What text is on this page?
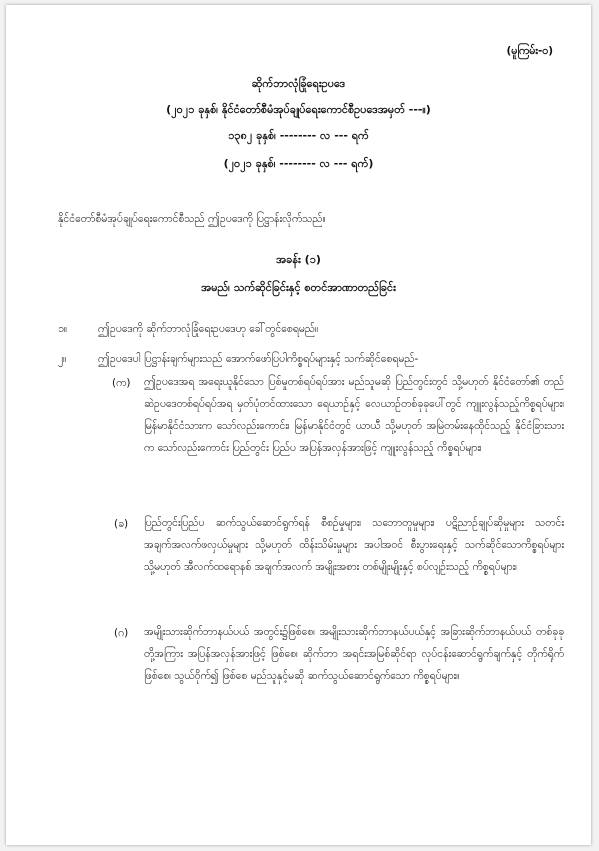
(မူကြမ်း-ဝ)
ဆိုက်ဘာလုံခြုံရေးဥပဒေ
(၂၀၂၁ ခုနှစ်၊ နိုင်ငံတော်စီမံအုပ်ချုပ်ရေးကောင်စီဥပဒေအမှတ် ---။)
၁၃၈၂ ခုနှစ်၊ -------- လ --- ရက်
(၂၀၂၁ ခုနှစ်၊ -------- လ --- ရက်)
နိုင်ငံတော်စီမံအုပ်ချုပ်ရေးကောင်စီသည် ဤဥပဒေကို ပြဋ္ဌာန်းလိုက်သည်။
အခန်း (၁)
အမည်၊ သက်ဆိုင်ခြင်းနှင့် စတင်အာဏာတည်ခြင်း
၁။	ဤဥပဒေကို ဆိုက်ဘာလုံခြုံရေးဥပဒေဟု ခေါ်တွင်စေရမည်။
၂။	ဤဥပဒေပါ ပြဋ္ဌာန်းချက်များသည် အောက်ဖော်ပြပါကိစ္စရပ်များနှင့် သက်ဆိုင်စေရမည်-
(က) ဤဥပဒေအရ အရေးယူနိုင်သော ပြစ်မှုတစ်ရပ်ရပ်အား မည်သူမဆို ပြည်တွင်းတွင် သို့မဟုတ် နိုင်ငံတော်၏ တည်ဆဲဥပဒေတစ်ရပ်ရပ်အရ မှတ်ပုံတင်ထားသော ရေယာဉ်နှင့် လေယာဉ်တစ်ခုခုပေါ်တွင် ကျူးလွန်သည့်ကိစ္စရပ်များ၊ မြန်မာနိုင်ငံသားက သော်လည်းကောင်း၊ မြန်မာနိုင်ငံတွင် ယာယီ သို့မဟုတ် အမြဲတမ်းနေထိုင်သည့် နိုင်ငံခြားသားက သော်လည်းကောင်း ပြည်တွင်း ပြည်ပ အပြန်အလှန်အားဖြင့် ကျူးလွန်သည့် ကိစ္စရပ်များ၊
(ခ) ပြည်တွင်းပြည်ပ ဆက်သွယ်ဆောင်ရွက်ရန် စီစဉ်မှုများ၊ သဘောတူမှုများ၊ ပဋိညာဉ်ချုပ်ဆိုမှုများ သတင်းအချက်အလက်ဖလှယ်မှုများ သို့မဟုတ် ထိန်းသိမ်းမှုများ အပါအဝင် စီးပွားရေးနှင့် သက်ဆိုင်သောကိစ္စရပ်များ သို့မဟုတ် အီလက်ထရောနစ် အချက်အလက် အမျိုးအစား တစ်မျိုးမျိုးနှင့် စပ်လျဉ်းသည့် ကိစ္စရပ်များ၊
(ဂ) အမျိုးသားဆိုက်ဘာနယ်ပယ် အတွင်း၌ဖြစ်စေ၊ အမျိုးသားဆိုက်ဘာနယ်ပယ်နှင့် အခြားဆိုက်ဘာနယ်ပယ် တစ်ခုခုတို့အကြား အပြန်အလှန်အားဖြင့် ဖြစ်စေ၊ ဆိုက်ဘာ အရင်းအမြစ်ဆိုင်ရာ လုပ်ငန်းဆောင်ရွက်ချက်နှင့် တိုက်ရိုက်ဖြစ်စေ၊ သွယ်ဝိုက်၍ ဖြစ်စေ မည်သူနှင့်မဆို ဆက်သွယ်ဆောင်ရွက်သော ကိစ္စရပ်များ။
